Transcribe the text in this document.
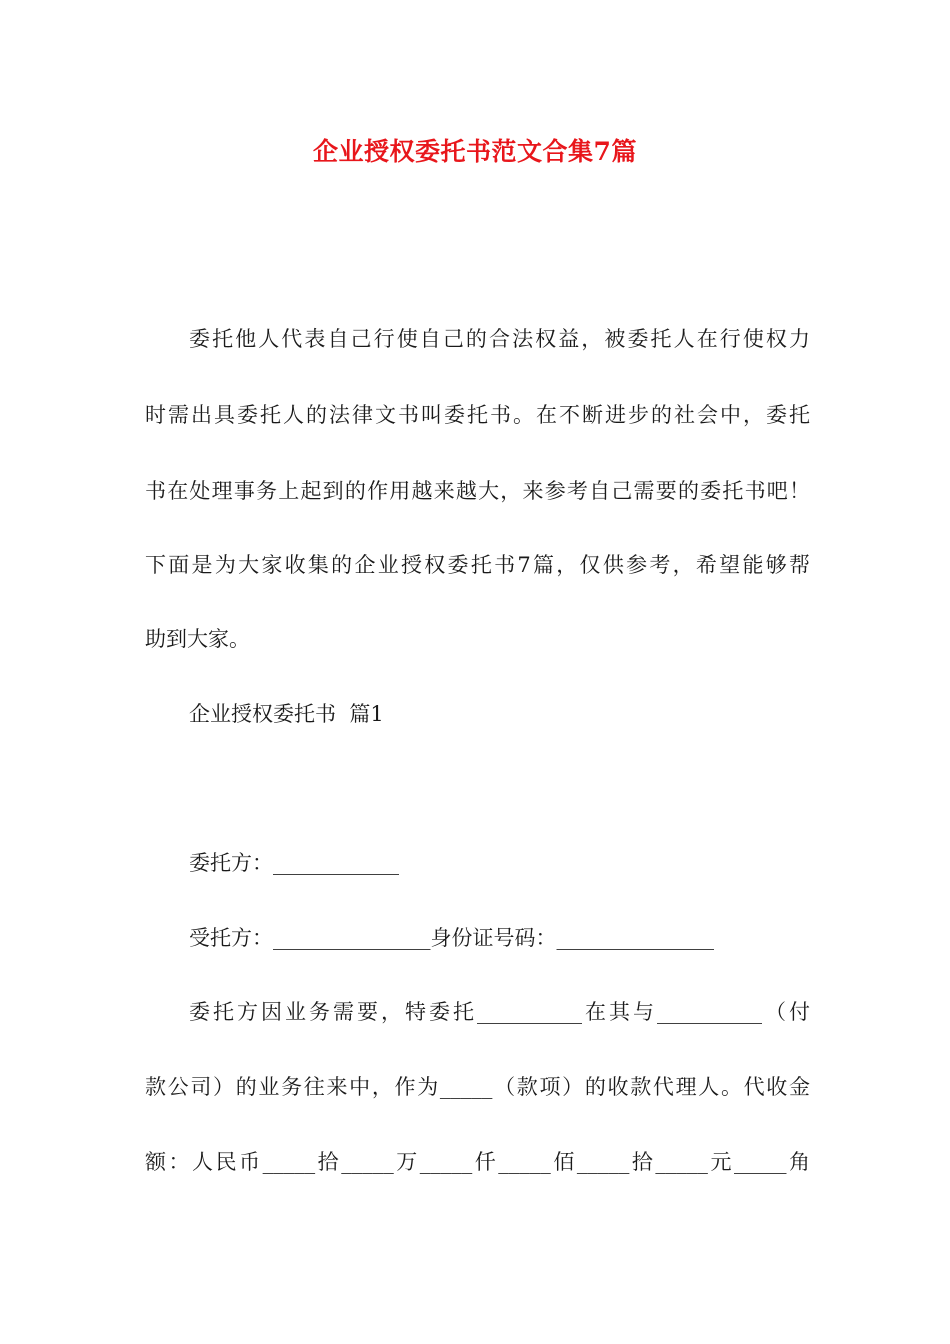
企业授权委托书范文合集7篇
委托他人代表自己行使自己的合法权益，被委托人在行使权力
时需出具委托人的法律文书叫委托书。在不断进步的社会中，委托
书在处理事务上起到的作用越来越大，来参考自己需要的委托书吧！
下面是为大家收集的企业授权委托书7篇，仅供参考，希望能够帮
助到大家。
企业授权委托书  篇1
委托方：____________
受托方：_______________身份证号码：_______________
委托方因业务需要，特委托__________在其与__________（付
款公司）的业务往来中，作为_____（款项）的收款代理人。代收金
额：人民币_____拾_____万_____仟_____佰_____拾_____元_____角
